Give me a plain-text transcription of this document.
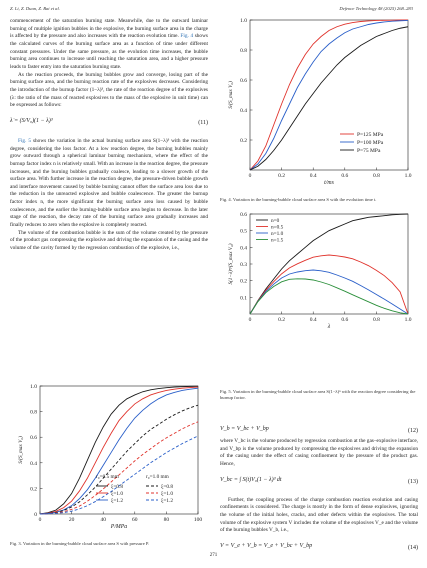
Z. Li, Z. Duan, Z. Bai et al.	Defence Technology 48 (2025) 268–283

commencement of the saturation burning state. Meanwhile, due to the outward laminar burning of multiple ignition bubbles in the explosive, the burning surface area in the charge is affected by the pressure and also increases with the reaction evolution time. Fig. 4 shows the calculated curves of the burning surface area as a function of time under different constant pressures. Under the same pressure, as the evolution time increases, the bubble burning area continues to increase until reaching the saturation area, and a higher pressure leads to faster entry into the saturation burning state.

As the reaction proceeds, the burning bubbles grow and converge, losing part of the burning surface area, and the burning reaction rate of the explosives decreases. Considering the introduction of the burnup factor (1−λ)³, the rate of the reaction degree of the explosives (λ: the ratio of the mass of reacted explosives to the mass of the explosive in unit time) can be expressed as follows:

λ̇ = (S/V₀)(1 − λ)³	(11)

Fig. 5 shows the variation in the actual burning surface area S(1−λ)³ with the reaction degree, considering the loss factor. At a low reaction degree, the burning bubbles mainly grow outward through a spherical laminar burning mechanism, where the effect of the burnup factor index n is relatively small. With an increase in the reaction degree, the pressure increases, and the burning bubbles gradually coalesce, leading to a slower growth of the surface area. With further increase in the reaction degree, the pressure-driven bubble growth and interface movement caused by bubble burning cannot offset the surface area loss due to the reduction in the unreacted explosive and bubble coalescence. The greater the burnup factor index n, the more significant the burning surface area loss caused by bubble coalescence, and the earlier the burning-bubble surface area begins to decrease. In the later stage of the reaction, the decay rate of the burning surface area gradually increases and finally reduces to zero when the explosive is completely reacted.

The volume of the combustion bubble is the sum of the volume created by the pressure of the product gas compressing the explosive and driving the expansion of the casing and the volume of the cavity formed by the regression combustion of the explosive, i.e.,

0	0.2	0.4	0.6	0.8	1.0
0.2
0.4
0.6
0.8
1.0
t/ms
S/(S_max V₀)
P=125 MPa
P=100 MPa
P=75 MPa
Fig. 4. Variation in the burning-bubble cloud surface area S with the evolution time t.
0	0.2	0.4	0.6	0.8	1.0
0.1
0.2
0.3
0.4
0.5
0.6
λ
S(1−λ)ⁿ/(S_max V₀)
n=0
n=0.5
n=1.0
n=1.5
Fig. 5. Variation in the burning-bubble cloud surface area S(1−λ)ⁿ with the reaction degree considering the burnup factor.
0	20	40	60	80	100
0
0.2
0.4
0.6
0.8
1.0
P/MPa
S/(S_max V₀)
r₀=0.5 mm
ξ=0.8
ξ=1.0
ξ=1.2
r₀=1.0 mm
ξ=0.8
ξ=1.0
ξ=1.2
Fig. 3. Variation in the burning-bubble cloud surface area S with pressure P.
V_b = V_bc + V_bp	(12)

where V_bc is the volume produced by regression combustion at the gas–explosive interface, and V_bp is the volume produced by compressing the explosives and driving the expansion of the casing under the effect of casing confinement by the pressure of the product gas. Hence,

V_bc = ∫ S(t)V₀(1 − λ)³ dt	(13)

Further, the coupling process of the charge combustion reaction evolution and casing confinements is considered. The charge is mostly in the form of dense explosives, ignoring the volume of the initial holes, cracks, and other defects within the explosives. The total volume of the explosive system V includes the volume of the explosives V_e and the volume of the burning bubbles V_b, i.e.,

V = V_e + V_b = V_e + V_bc + V_bp	(14)
271
